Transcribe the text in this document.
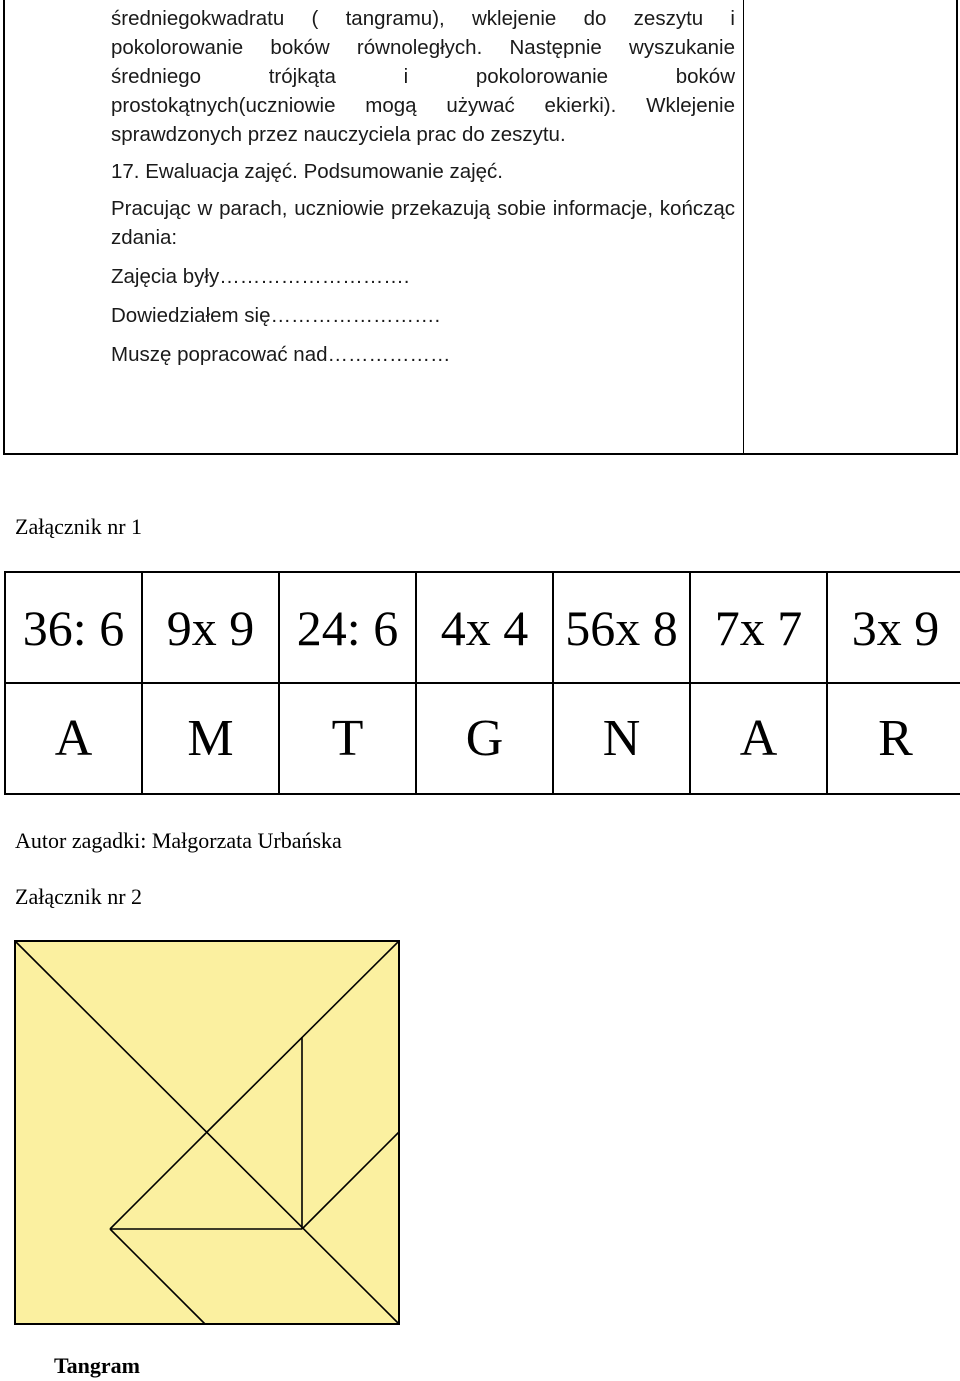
średniegokwadratu ( tangramu), wklejenie do zeszytu i

pokolorowanie boków równoległych. Następnie wyszukanie

średniego trójkąta i pokolorowanie boków

prostokątnych(uczniowie mogą używać ekierki). Wklejenie

sprawdzonych przez nauczyciela prac do zeszytu.

17. Ewaluacja zajęć. Podsumowanie zajęć.

Pracując w parach, uczniowie przekazują sobie informacje, kończąc zdania:

Zajęcia były……………………….

Dowiedziałem się…………………….

Muszę popracować nad………………

Załącznik nr 1
36: 6	9x 9	24: 6	4x 4	56x 8	7x 7	3x 9
A	M	T	G	N	A	R
Autor zagadki: Małgorzata Urbańska
Załącznik nr 2
Tangram
